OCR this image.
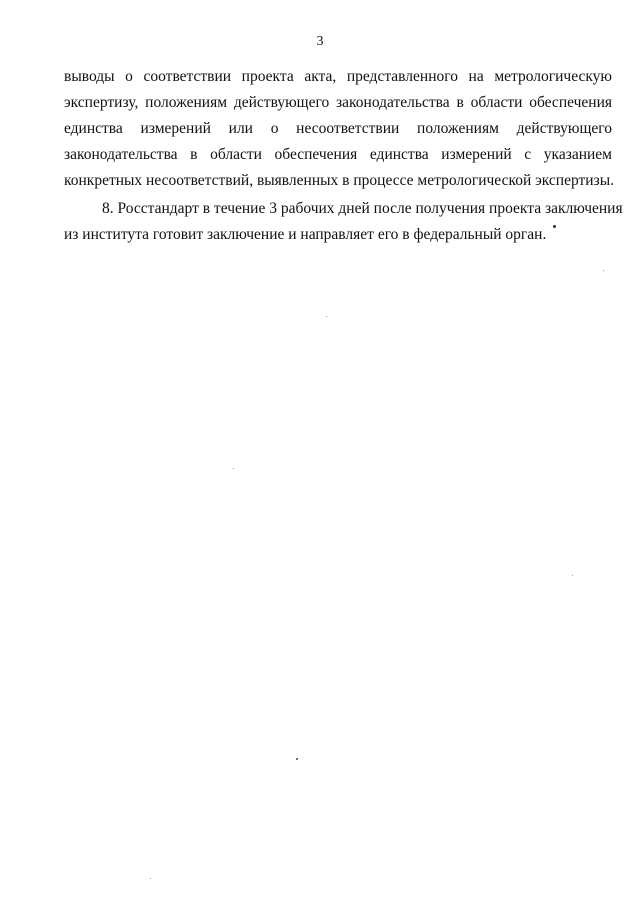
3
выводы о соответствии проекта акта, представленного на метрологическую
экспертизу, положениям действующего законодательства в области обеспечения
единства измерений или о несоответствии положениям действующего
законодательства в области обеспечения единства измерений с указанием
конкретных несоответствий, выявленных в процессе метрологической экспертизы.
8. Росстандарт в течение 3 рабочих дней после получения проекта заключения
из института готовит заключение и направляет его в федеральный орган.
